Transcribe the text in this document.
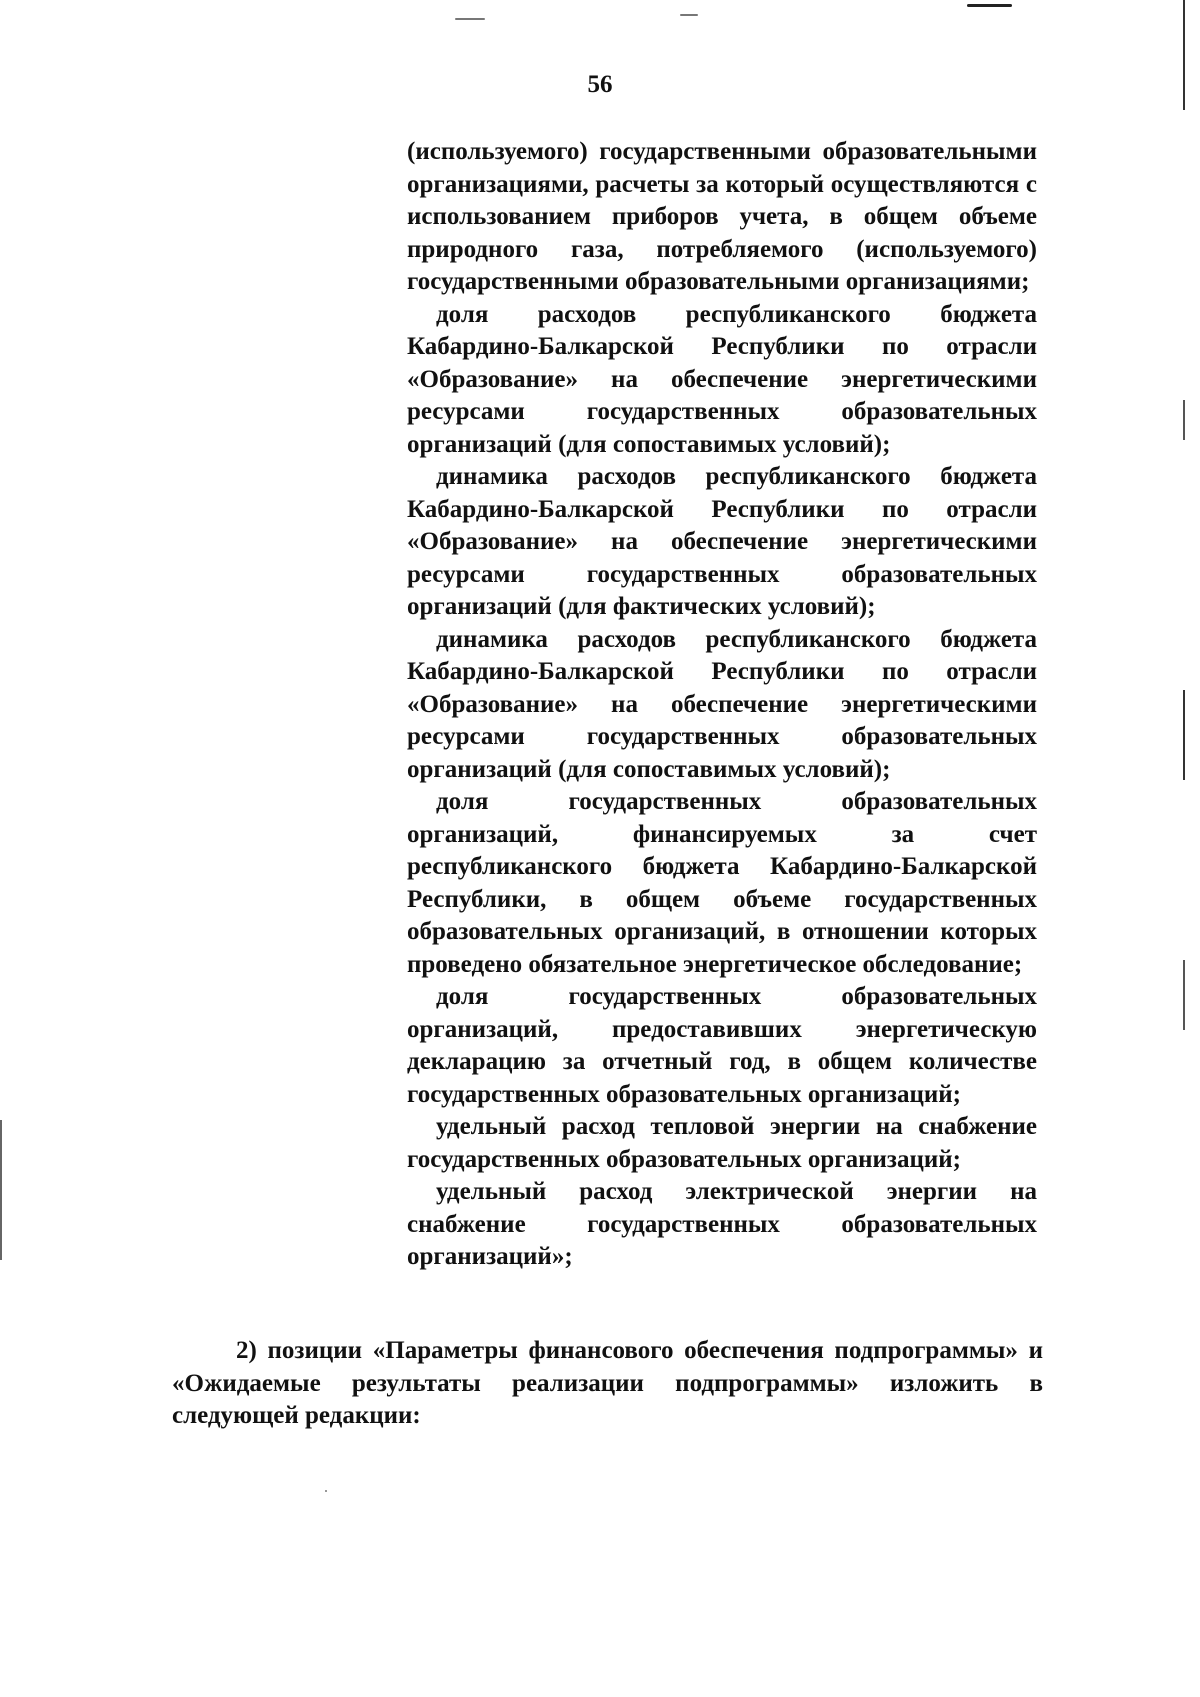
56

(используемого) государственными образовательными организациями, расчеты за который осуществляются с использованием приборов учета, в общем объеме природного газа, потребляемого (используемого) государственными образовательными организациями;

доля расходов республиканского бюджета Кабардино-Балкарской Республики по отрасли «Образование» на обеспечение энергетическими ресурсами государственных образовательных организаций (для сопоставимых условий);

динамика расходов республиканского бюджета Кабардино-Балкарской Республики по отрасли «Образование» на обеспечение энергетическими ресурсами государственных образовательных организаций (для фактических условий);

динамика расходов республиканского бюджета Кабардино-Балкарской Республики по отрасли «Образование» на обеспечение энергетическими ресурсами государственных образовательных организаций (для сопоставимых условий);

доля государственных образовательных организаций, финансируемых за счет республиканского бюджета Кабардино-Балкарской Республики, в общем объеме государственных образовательных организаций, в отношении которых проведено обязательное энергетическое обследование;

доля государственных образовательных организаций, предоставивших энергетическую декларацию за отчетный год, в общем количестве государственных образовательных организаций;

удельный расход тепловой энергии на снабжение государственных образовательных организаций;

удельный расход электрической энергии на снабжение государственных образовательных организаций»;

2) позиции «Параметры финансового обеспечения подпрограммы» и «Ожидаемые результаты реализации подпрограммы» изложить в следующей редакции:
